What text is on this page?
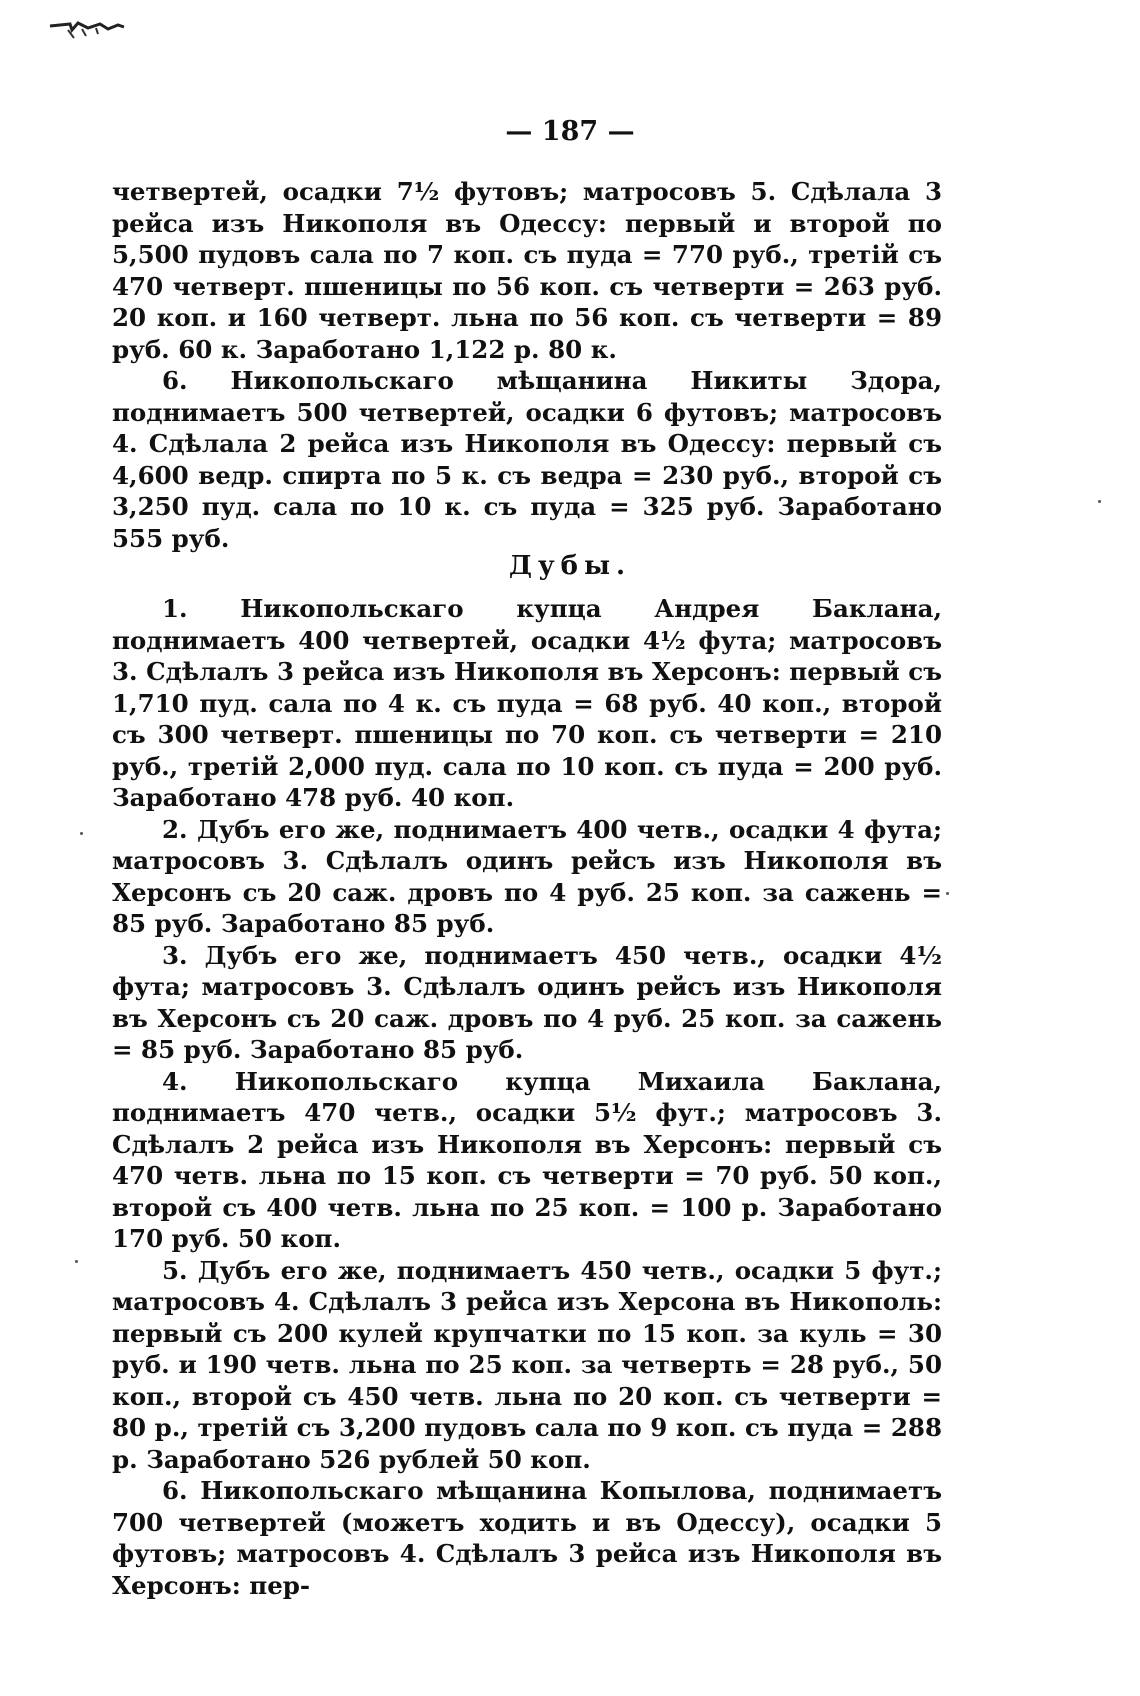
— 187 —

четвертей, осадки 7½ футовъ; матросовъ 5. Сдѣлала 3 рейса изъ Никополя въ Одессу: первый и второй по 5,500 пудовъ сала по 7 коп. съ пуда = 770 руб., третій съ 470 четверт. пшеницы по 56 коп. съ четверти = 263 руб. 20 коп. и 160 четверт. льна по 56 коп. съ четверти = 89 руб. 60 к. Заработано 1,122 р. 80 к.

6. Никопольскаго мѣщанина Никиты Здора, поднимаетъ 500 четвертей, осадки 6 футовъ; матросовъ 4. Сдѣлала 2 рейса изъ Никополя въ Одессу: первый съ 4,600 ведр. спирта по 5 к. съ ведра = 230 руб., второй съ 3,250 пуд. сала по 10 к. съ пуда = 325 руб. Заработано 555 руб.

Дубы.

1. Никопольскаго купца Андрея Баклана, поднимаетъ 400 четвертей, осадки 4½ фута; матросовъ 3. Сдѣлалъ 3 рейса изъ Никополя въ Херсонъ: первый съ 1,710 пуд. сала по 4 к. съ пуда = 68 руб. 40 коп., второй съ 300 четверт. пшеницы по 70 коп. съ четверти = 210 руб., третій 2,000 пуд. сала по 10 коп. съ пуда = 200 руб. Заработано 478 руб. 40 коп.

2. Дубъ его же, поднимаетъ 400 четв., осадки 4 фута; матросовъ 3. Сдѣлалъ одинъ рейсъ изъ Никополя въ Херсонъ съ 20 саж. дровъ по 4 руб. 25 коп. за сажень = 85 руб. Заработано 85 руб.

3. Дубъ его же, поднимаетъ 450 четв., осадки 4½ фута; матросовъ 3. Сдѣлалъ одинъ рейсъ изъ Никополя въ Херсонъ съ 20 саж. дровъ по 4 руб. 25 коп. за сажень = 85 руб. Заработано 85 руб.

4. Никопольскаго купца Михаила Баклана, поднимаетъ 470 четв., осадки 5½ фут.; матросовъ 3. Сдѣлалъ 2 рейса изъ Никополя въ Херсонъ: первый съ 470 четв. льна по 15 коп. съ четверти = 70 руб. 50 коп., второй съ 400 четв. льна по 25 коп. = 100 р. Заработано 170 руб. 50 коп.

5. Дубъ его же, поднимаетъ 450 четв., осадки 5 фут.; матросовъ 4. Сдѣлалъ 3 рейса изъ Херсона въ Никополь: первый съ 200 кулей крупчатки по 15 коп. за куль = 30 руб. и 190 четв. льна по 25 коп. за четверть = 28 руб., 50 коп., второй съ 450 четв. льна по 20 коп. съ четверти = 80 р., третій съ 3,200 пудовъ сала по 9 коп. съ пуда = 288 р. Заработано 526 рублей 50 коп.

6. Никопольскаго мѣщанина Копылова, поднимаетъ 700 четвертей (можетъ ходить и въ Одессу), осадки 5 футовъ; матросовъ 4. Сдѣлалъ 3 рейса изъ Никополя въ Херсонъ: пер-
